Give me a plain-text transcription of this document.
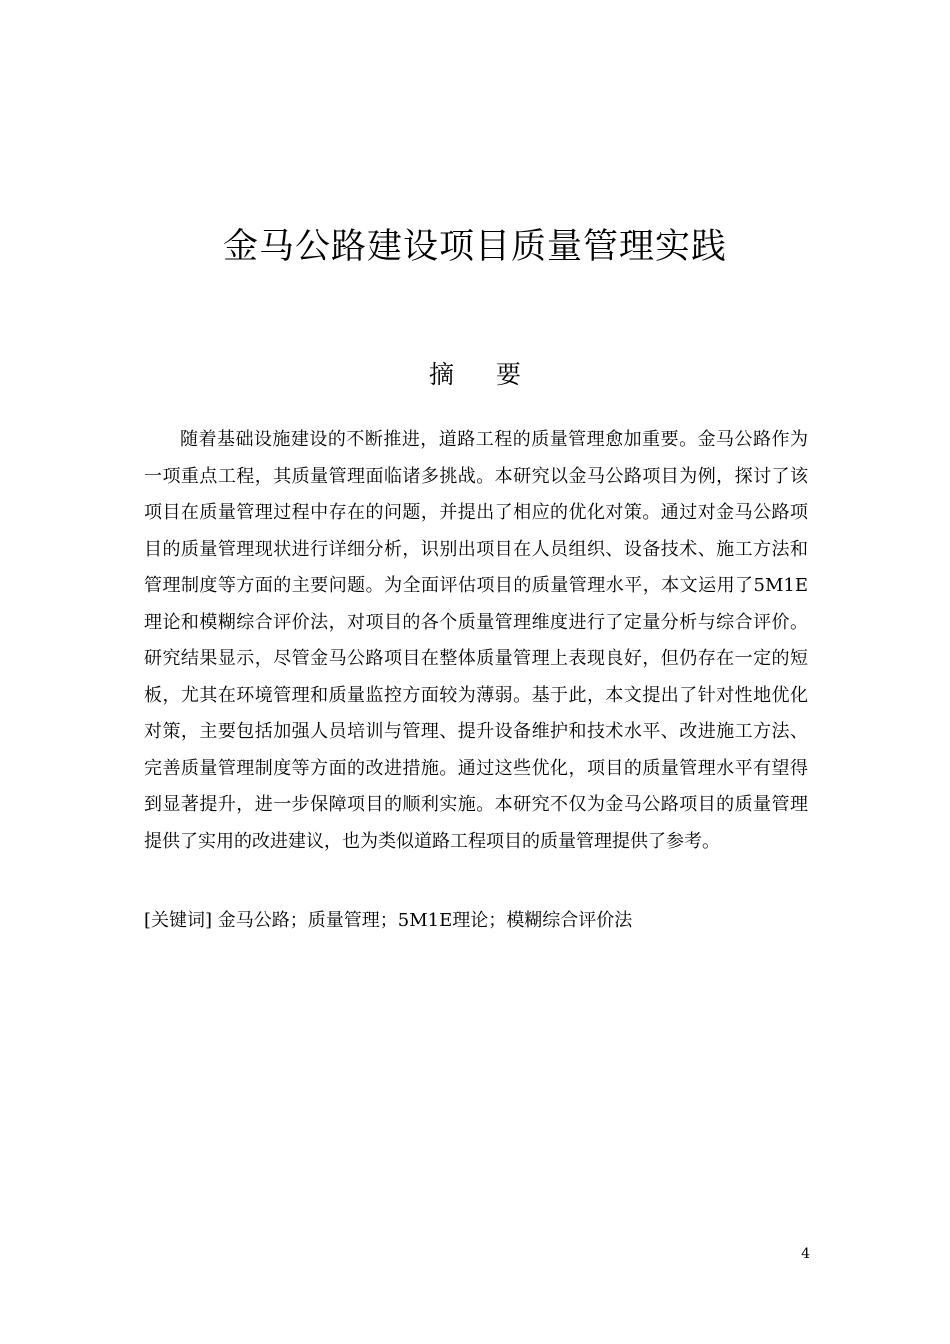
金马公路建设项目质量管理实践
摘要

随着基础设施建设的不断推进，道路工程的质量管理愈加重要。金马公路作为一项重点工程，其质量管理面临诸多挑战。本研究以金马公路项目为例，探讨了该项目在质量管理过程中存在的问题，并提出了相应的优化对策。通过对金马公路项目的质量管理现状进行详细分析，识别出项目在人员组织、设备技术、施工方法和管理制度等方面的主要问题。为全面评估项目的质量管理水平，本文运用了5M1E理论和模糊综合评价法，对项目的各个质量管理维度进行了定量分析与综合评价。研究结果显示，尽管金马公路项目在整体质量管理上表现良好，但仍存在一定的短板，尤其在环境管理和质量监控方面较为薄弱。基于此，本文提出了针对性地优化对策，主要包括加强人员培训与管理、提升设备维护和技术水平、改进施工方法、完善质量管理制度等方面的改进措施。通过这些优化，项目的质量管理水平有望得到显著提升，进一步保障项目的顺利实施。本研究不仅为金马公路项目的质量管理提供了实用的改进建议，也为类似道路工程项目的质量管理提供了参考。

[关键词] 金马公路；质量管理；5M1E理论；模糊综合评价法

4
